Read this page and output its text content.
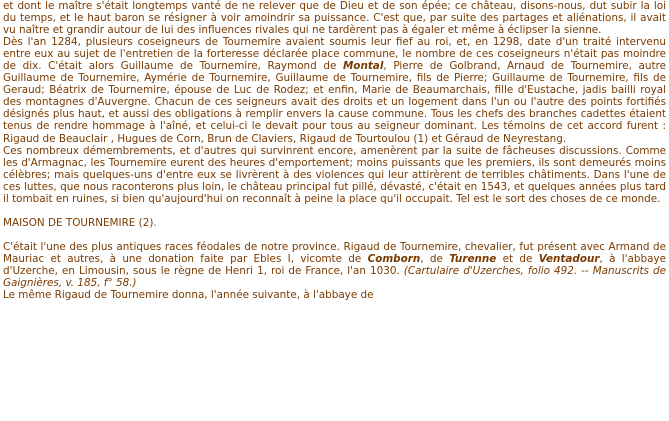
et dont le maître s'était longtemps vanté de ne relever que de Dieu et de son épée; ce château, disons-nous, dut subir la loi du temps, et le haut baron se résigner à voir amoindrir sa puissance. C'est que, par suite des partages et aliénations, il avait vu naître et grandir autour de lui des influences rivales qui ne tardèrent pas à égaler et même à éclipser la sienne.

Dès l'an 1284, plusieurs coseigneurs de Tournemire avaient soumis leur fief au roi, et, en 1298, date d'un traité intervenu entre eux au sujet de l'entretien de la forteresse déclarée place commune, le nombre de ces coseigneurs n'était pas moindre de dix. C'était alors Guillaume de Tournemire, Raymond de Montal, Pierre de Golbrand, Arnaud de Tournemire, autre Guillaume de Tournemire, Aymérie de Tournemire, Guillaume de Tournemire, fils de Pierre; Guillaume de Tournemire, fils de Geraud; Béatrix de Tournemire, épouse de Luc de Rodez; et enfin, Marie de Beaumarchais, fille d'Eustache, jadis bailli royal des montagnes d'Auvergne. Chacun de ces seigneurs avait des droits et un logement dans l'un ou l'autre des points fortifiés désignés plus haut, et aussi des obligations à remplir envers la cause commune. Tous les chefs des branches cadettes étaient tenus de rendre hommage à l'aîné, et celui-ci le devait pour tous au seigneur dominant. Les témoins de cet accord furent : Rigaud de Beauclair , Hugues de Corn, Brun de Claviers, Rigaud de Tourtoulou (1) et Géraud de Neyrestang.

Ces nombreux démembrements, et d'autres qui survinrent encore, amenèrent par la suite de fâcheuses discussions. Comme les d'Armagnac, les Tournemire eurent des heures d'emportement; moins puissants que les premiers, ils sont demeurés moins célèbres; mais quelques-uns d'entre eux se livrèrent à des violences qui leur attirèrent de terribles châtiments. Dans l'une de ces luttes, que nous raconterons plus loin, le château principal fut pillé, dévasté, c'était en 1543, et quelques années plus tard il tombait en ruines, si bien qu'aujourd'hui on reconnaît à peine la place qu'il occupait. Tel est le sort des choses de ce monde.

MAISON DE TOURNEMIRE (2).

C'était l'une des plus antiques races féodales de notre province. Rigaud de Tournemire, chevalier, fut présent avec Armand de Mauriac et autres, à une donation faite par Ebles I, vicomte de Comborn, de Turenne et de Ventadour, à l'abbaye d'Uzerche, en Limousin, sous le règne de Henri 1, roi de France, l'an 1030. (Cartulaire d'Uzerches, folio 492. -- Manuscrits de Gaignières, v. 185, f° 58.)

Le même Rigaud de Tournemire donna, l'année suivante, à l'abbaye de
